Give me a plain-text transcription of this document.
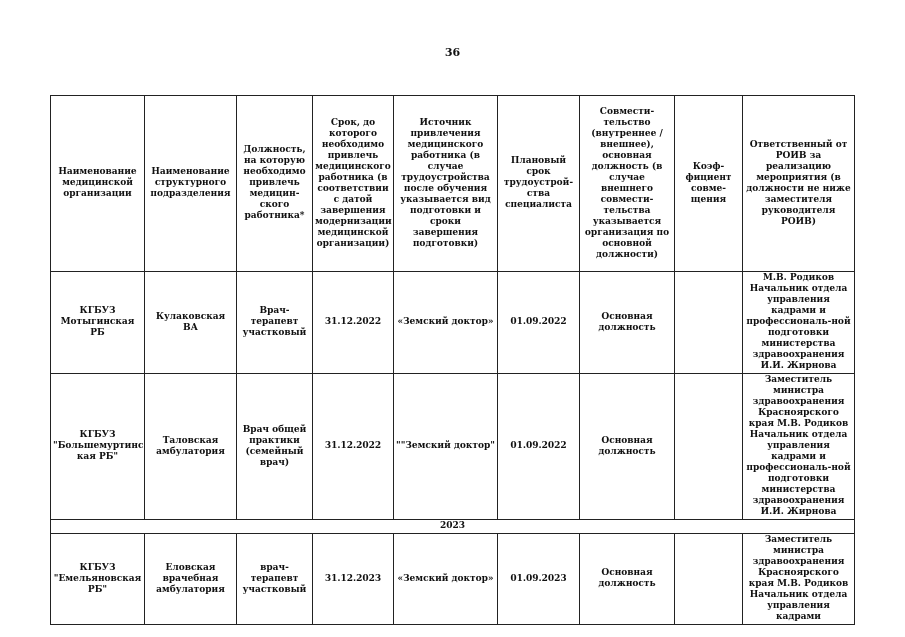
36
Наименование медицинской организации	Наименование структурного подразделения	Должность, на которую необходимо привлечь медицин-ского работника*	Срок, до которого необходимо привлечь медицинского работника (в соответствии с датой завершения модернизации медицинской организации)	Источник привлечения медицинского работника (в случае трудоустройства после обучения указывается вид подготовки и сроки завершения подготовки)	Плановый срок трудоустрой-ства специалиста	Совмести-тельство (внутреннее /внешнее), основная должность (в случае внешнего совмести-тельства указывается организация по основной должности)	Коэф-фициент совме-щения	Ответственный от РОИВ за реализацию мероприятия (в должности не ниже заместителя руководителя РОИВ)
КГБУЗ Мотыгинская РБ	Кулаковская ВА	Врач-терапевт участковый	31.12.2022	«Земский доктор»	01.09.2022	Основная должность		М.В. Родиков Начальник отдела управления кадрами и профессиональ-ной подготовки министерства здравоохранения И.И. Жирнова
КГБУЗ "Большемуртинс кая РБ"	Таловская амбулатория	Врач общей практики (семейный врач)	31.12.2022	""Земский доктор"	01.09.2022	Основная должность		Заместитель министра здравоохранения Красноярского края М.В. Родиков Начальник отдела управления кадрами и профессиональ-ной подготовки министерства здравоохранения И.И. Жирнова
2023								
КГБУЗ "Емельяновская РБ"	Еловская врачебная амбулатория	врач-терапевт участковый	31.12.2023	«Земский доктор»	01.09.2023	Основная должность		Заместитель министра здравоохранения Красноярского края М.В. Родиков Начальник отдела управления кадрами
